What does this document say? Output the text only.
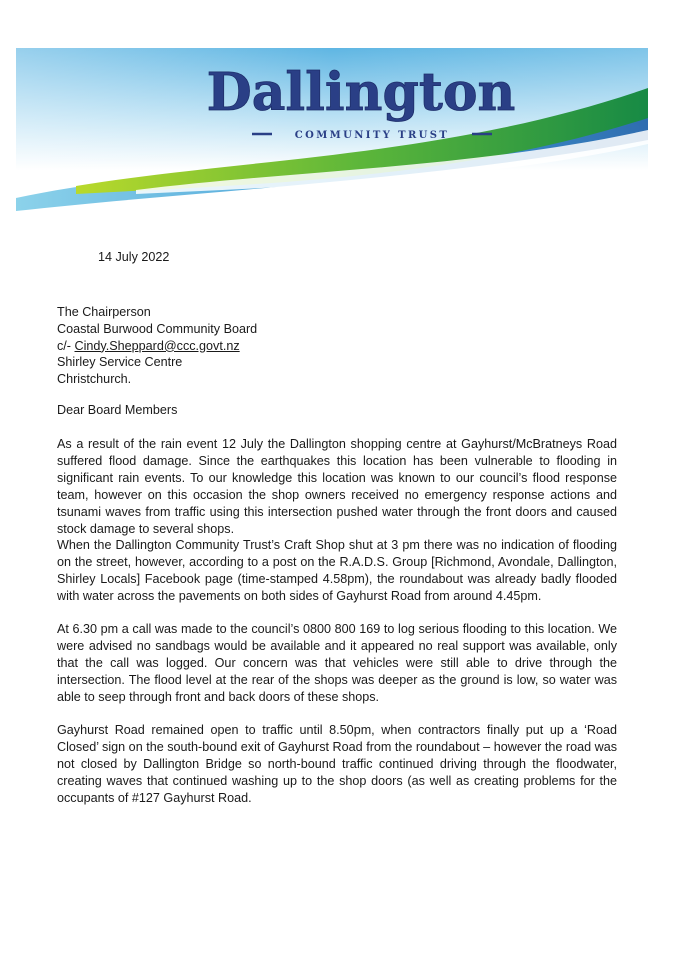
Dallington
COMMUNITY TRUST
14 July 2022
The Chairperson
Coastal Burwood Community Board
c/- Cindy.Sheppard@ccc.govt.nz
Shirley Service Centre
Christchurch.
Dear Board Members

As a result of the rain event 12 July the Dallington shopping centre at Gayhurst/McBratneys Road suffered flood damage. Since the earthquakes this location has been vulnerable to flooding in significant rain events. To our knowledge this location was known to our council’s flood response team, however on this occasion the shop owners received no emergency response actions and tsunami waves from traffic using this intersection pushed water through the front doors and caused stock damage to several shops.

When the Dallington Community Trust’s Craft Shop shut at 3 pm there was no indication of flooding on the street, however, according to a post on the R.A.D.S. Group [Richmond, Avondale, Dallington, Shirley Locals] Facebook page (time-stamped 4.58pm), the roundabout was already badly flooded with water across the pavements on both sides of Gayhurst Road from around 4.45pm.

At 6.30 pm a call was made to the council’s 0800 800 169 to log serious flooding to this location. We were advised no sandbags would be available and it appeared no real support was available, only that the call was logged. Our concern was that vehicles were still able to drive through the intersection. The flood level at the rear of the shops was deeper as the ground is low, so water was able to seep through front and back doors of these shops.

Gayhurst Road remained open to traffic until 8.50pm, when contractors finally put up a ‘Road Closed’ sign on the south-bound exit of Gayhurst Road from the roundabout – however the road was not closed by Dallington Bridge so north-bound traffic continued driving through the floodwater, creating waves that continued washing up to the shop doors (as well as creating problems for the occupants of #127 Gayhurst Road.
